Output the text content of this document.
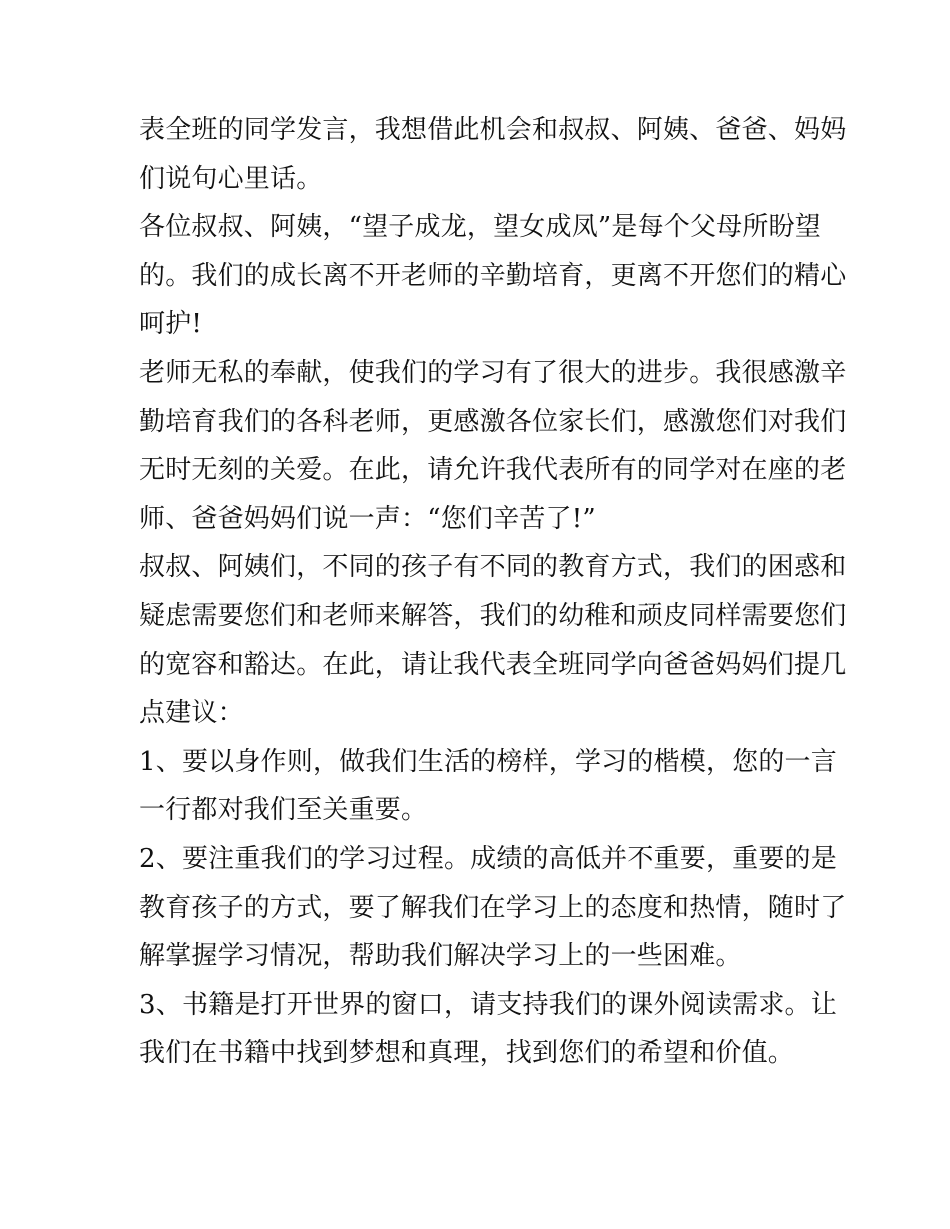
表全班的同学发言，我想借此机会和叔叔、阿姨、爸爸、妈妈
们说句心里话。
各位叔叔、阿姨，“望子成龙，望女成凤”是每个父母所盼望
的。我们的成长离不开老师的辛勤培育，更离不开您们的精心
呵护!
老师无私的奉献，使我们的学习有了很大的进步。我很感激辛
勤培育我们的各科老师，更感激各位家长们，感激您们对我们
无时无刻的关爱。在此，请允许我代表所有的同学对在座的老
师、爸爸妈妈们说一声：“您们辛苦了!”
叔叔、阿姨们，不同的孩子有不同的教育方式，我们的困惑和
疑虑需要您们和老师来解答，我们的幼稚和顽皮同样需要您们
的宽容和豁达。在此，请让我代表全班同学向爸爸妈妈们提几
点建议：
1、要以身作则，做我们生活的榜样，学习的楷模，您的一言
一行都对我们至关重要。
2、要注重我们的学习过程。成绩的高低并不重要，重要的是
教育孩子的方式，要了解我们在学习上的态度和热情，随时了
解掌握学习情况，帮助我们解决学习上的一些困难。
3、书籍是打开世界的窗口，请支持我们的课外阅读需求。让
我们在书籍中找到梦想和真理，找到您们的希望和价值。
